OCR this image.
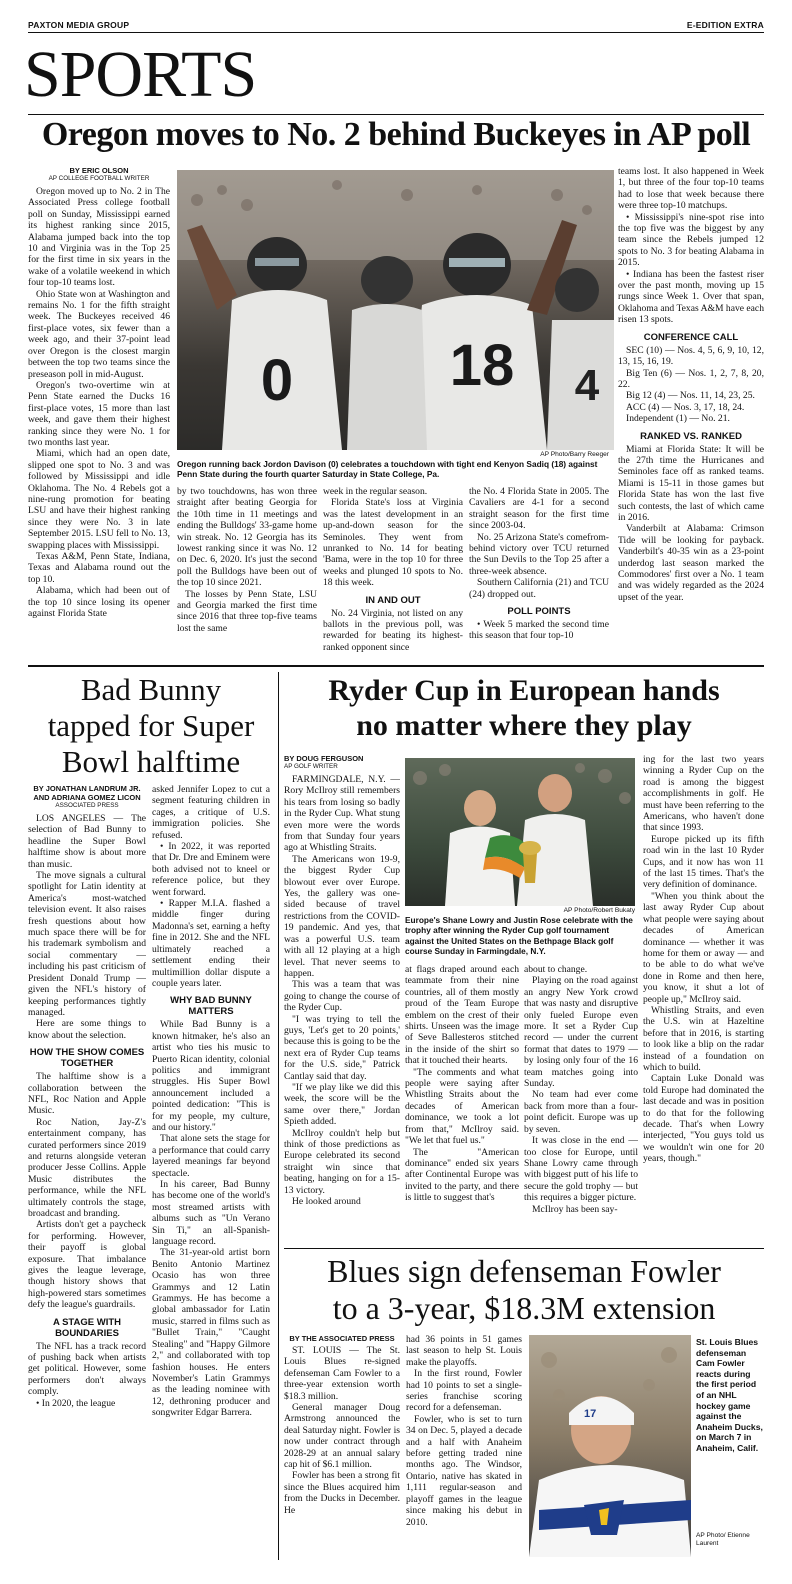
PAXTON MEDIA GROUP	E-EDITION EXTRA
SPORTS
Oregon moves to No. 2 behind Buckeyes in AP poll
BY ERIC OLSON
AP COLLEGE FOOTBALL WRITER

Oregon moved up to No. 2 in The Associated Press college football poll on Sunday, Mississippi earned its highest ranking since 2015, Alabama jumped back into the top 10 and Virginia was in the Top 25 for the first time in six years in the wake of a volatile weekend in which four top-10 teams lost.

Ohio State won at Washington and remains No. 1 for the fifth straight week. The Buckeyes received 46 first-place votes, six fewer than a week ago, and their 37-point lead over Oregon is the closest margin between the top two teams since the preseason poll in mid-August.

Oregon's two-overtime win at Penn State earned the Ducks 16 first-place votes, 15 more than last week, and gave them their highest ranking since they were No. 1 for two months last year.

Miami, which had an open date, slipped one spot to No. 3 and was followed by Mississippi and idle Oklahoma. The No. 4 Rebels got a nine-rung promotion for beating LSU and have their highest ranking since they were No. 3 in late September 2015. LSU fell to No. 13, swapping places with Mississippi.

Texas A&M, Penn State, Indiana, Texas and Alabama round out the top 10.

Alabama, which had been out of the top 10 since losing its opener against Florida State

0	18 4
AP Photo/Barry Reeger
Oregon running back Jordon Davison (0) celebrates a touchdown with tight end Kenyon Sadiq (18) against Penn State during the fourth quarter Saturday in State College, Pa.

by two touchdowns, has won three straight after beating Georgia for the 10th time in 11 meetings and ending the Bulldogs' 33-game home win streak. No. 12 Georgia has its lowest ranking since it was No. 12 on Dec. 6, 2020. It's just the second poll the Bulldogs have been out of the top 10 since 2021.

The losses by Penn State, LSU and Georgia marked the first time since 2016 that three top-five teams lost the same

week in the regular season.

Florida State's loss at Virginia was the latest development in an up-and-down season for the Seminoles. They went from unranked to No. 14 for beating 'Bama, were in the top 10 for three weeks and plunged 10 spots to No. 18 this week.

IN AND OUT

No. 24 Virginia, not listed on any ballots in the previous poll, was rewarded for beating its highest-ranked opponent since

the No. 4 Florida State in 2005. The Cavaliers are 4-1 for a second straight season for the first time since 2003-04.

No. 25 Arizona State's comefrom-behind victory over TCU returned the Sun Devils to the Top 25 after a three-week absence.

Southern California (21) and TCU (24) dropped out.

POLL POINTS

• Week 5 marked the second time this season that four top-10

teams lost. It also happened in Week 1, but three of the four top-10 teams had to lose that week because there were three top-10 matchups.

• Mississippi's nine-spot rise into the top five was the biggest by any team since the Rebels jumped 12 spots to No. 3 for beating Alabama in 2015.

• Indiana has been the fastest riser over the past month, moving up 15 rungs since Week 1. Over that span, Oklahoma and Texas A&M have each risen 13 spots.

CONFERENCE CALL

SEC (10) — Nos. 4, 5, 6, 9, 10, 12, 13, 15, 16, 19.

Big Ten (6) — Nos. 1, 2, 7, 8, 20, 22.

Big 12 (4) — Nos. 11, 14, 23, 25.

ACC (4) — Nos. 3, 17, 18, 24.

Independent (1) — No. 21.

RANKED VS. RANKED

Miami at Florida State: It will be the 27th time the Hurricanes and Seminoles face off as ranked teams. Miami is 15-11 in those games but Florida State has won the last five such contests, the last of which came in 2016.

Vanderbilt at Alabama: Crimson Tide will be looking for payback. Vanderbilt's 40-35 win as a 23-point underdog last season marked the Commodores' first over a No. 1 team and was widely regarded as the 2024 upset of the year.

Bad Bunny
tapped for Super
Bowl halftime
BY JONATHAN LANDRUM JR. AND ADRIANA GOMEZ LICON
ASSOCIATED PRESS

LOS ANGELES — The selection of Bad Bunny to headline the Super Bowl halftime show is about more than music.

The move signals a cultural spotlight for Latin identity at America's most-watched television event. It also raises fresh questions about how much space there will be for his trademark symbolism and social commentary — including his past criticism of President Donald Trump — given the NFL's history of keeping performances tightly managed.

Here are some things to know about the selection.

HOW THE SHOW COMES TOGETHER

The halftime show is a collaboration between the NFL, Roc Nation and Apple Music.

Roc Nation, Jay-Z's entertainment company, has curated performers since 2019 and returns alongside veteran producer Jesse Collins. Apple Music distributes the performance, while the NFL ultimately controls the stage, broadcast and branding.

Artists don't get a paycheck for performing. However, their payoff is global exposure. That imbalance gives the league leverage, though history shows that high-powered stars sometimes defy the league's guardrails.

A STAGE WITH BOUNDARIES

The NFL has a track record of pushing back when artists get political. However, some performers don't always comply.

• In 2020, the league

asked Jennifer Lopez to cut a segment featuring children in cages, a critique of U.S. immigration policies. She refused.

• In 2022, it was reported that Dr. Dre and Eminem were both advised not to kneel or reference police, but they went forward.

• Rapper M.I.A. flashed a middle finger during Madonna's set, earning a hefty fine in 2012. She and the NFL ultimately reached a settlement ending their multimillion dollar dispute a couple years later.

WHY BAD BUNNY MATTERS

While Bad Bunny is a known hitmaker, he's also an artist who ties his music to Puerto Rican identity, colonial politics and immigrant struggles. His Super Bowl announcement included a pointed dedication: "This is for my people, my culture, and our history."

That alone sets the stage for a performance that could carry layered meanings far beyond spectacle.

In his career, Bad Bunny has become one of the world's most streamed artists with albums such as "Un Verano Sin Ti," an all-Spanish-language record.

The 31-year-old artist born Benito Antonio Martinez Ocasio has won three Grammys and 12 Latin Grammys. He has become a global ambassador for Latin music, starred in films such as "Bullet Train," "Caught Stealing" and "Happy Gilmore 2," and collaborated with top fashion houses. He enters November's Latin Grammys as the leading nominee with 12, dethroning producer and songwriter Edgar Barrera.

Ryder Cup in European hands
no matter where they play
BY DOUG FERGUSON
AP GOLF WRITER

FARMINGDALE, N.Y. — Rory McIlroy still remembers his tears from losing so badly in the Ryder Cup. What stung even more were the words from that Sunday four years ago at Whistling Straits.

The Americans won 19-9, the biggest Ryder Cup blowout ever over Europe. Yes, the gallery was one-sided because of travel restrictions from the COVID-19 pandemic. And yes, that was a powerful U.S. team with all 12 playing at a high level. That never seems to happen.

This was a team that was going to change the course of the Ryder Cup.

"I was trying to tell the guys, 'Let's get to 20 points,' because this is going to be the next era of Ryder Cup teams for the U.S. side," Patrick Cantlay said that day.

"If we play like we did this week, the score will be the same over there," Jordan Spieth added.

McIlroy couldn't help but think of those predictions as Europe celebrated its second straight win since that beating, hanging on for a 15-13 victory.

He looked around

AP Photo/Robert Bukaty
Europe's Shane Lowry and Justin Rose celebrate with the trophy after winning the Ryder Cup golf tournament against the United States on the Bethpage Black golf course Sunday in Farmingdale, N.Y.

at flags draped around each teammate from their nine countries, all of them mostly proud of the Team Europe emblem on the crest of their shirts. Unseen was the image of Seve Ballesteros stitched in the inside of the shirt so that it touched their hearts.

"The comments and what people were saying after Whistling Straits about the decades of American dominance, we took a lot from that," McIlroy said. "We let that fuel us."

The "American dominance" ended six years after Continental Europe was invited to the party, and there is little to suggest that's

about to change.

Playing on the road against an angry New York crowd that was nasty and disruptive only fueled Europe even more. It set a Ryder Cup record — under the current format that dates to 1979 — by losing only four of the 16 team matches going into Sunday.

No team had ever come back from more than a four-point deficit. Europe was up by seven.

It was close in the end — too close for Europe, until Shane Lowry came through with biggest putt of his life to secure the gold trophy — but this requires a bigger picture.

McIlroy has been say-

ing for the last two years winning a Ryder Cup on the road is among the biggest accomplishments in golf. He must have been referring to the Americans, who haven't done that since 1993.

Europe picked up its fifth road win in the last 10 Ryder Cups, and it now has won 11 of the last 15 times. That's the very definition of dominance.

"When you think about the last away Ryder Cup about what people were saying about decades of American dominance — whether it was home for them or away — and to be able to do what we've done in Rome and then here, you know, it shut a lot of people up," McIlroy said.

Whistling Straits, and even the U.S. win at Hazeltine before that in 2016, is starting to look like a blip on the radar instead of a foundation on which to build.

Captain Luke Donald was told Europe had dominated the last decade and was in position to do that for the following decade. That's when Lowry interjected, "You guys told us we wouldn't win one for 20 years, though."

Blues sign defenseman Fowler
to a 3-year, $18.3M extension
BY THE ASSOCIATED PRESS

ST. LOUIS — The St. Louis Blues re-signed defenseman Cam Fowler to a three-year extension worth $18.3 million.

General manager Doug Armstrong announced the deal Saturday night. Fowler is now under contract through 2028-29 at an annual salary cap hit of $6.1 million.

Fowler has been a strong fit since the Blues acquired him from the Ducks in December. He

had 36 points in 51 games last season to help St. Louis make the playoffs.

In the first round, Fowler had 10 points to set a single-series franchise scoring record for a defenseman.

Fowler, who is set to turn 34 on Dec. 5, played a decade and a half with Anaheim before getting traded nine months ago. The Windsor, Ontario, native has skated in 1,111 regular-season and playoff games in the league since making his debut in 2010.

17
St. Louis Blues defenseman Cam Fowler reacts during the first period of an NHL hockey game against the Anaheim Ducks, on March 7 in Anaheim, Calif.
AP Photo/ Etienne Laurent
